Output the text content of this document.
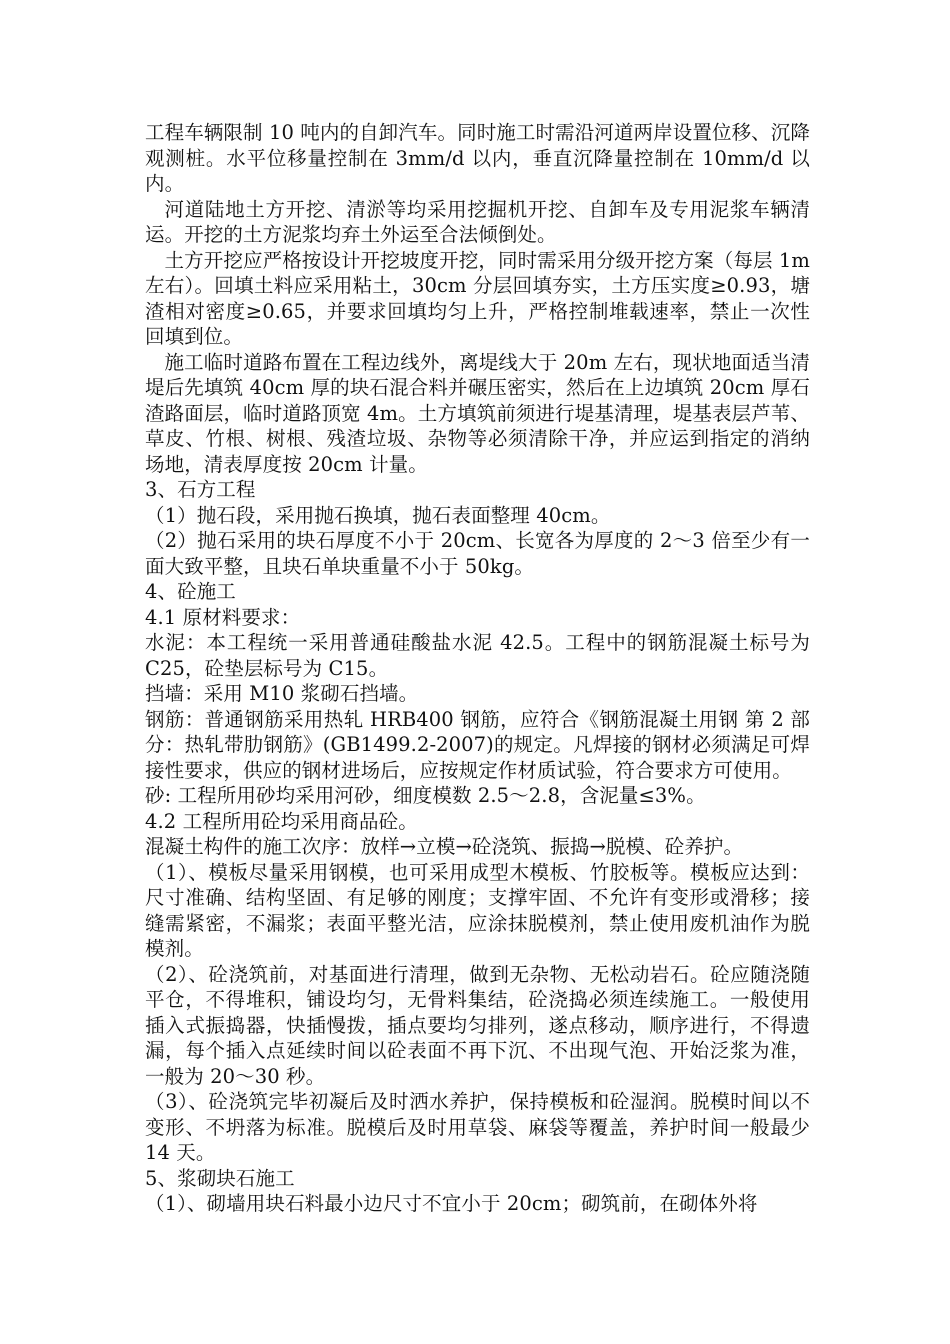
工程车辆限制 10 吨内的自卸汽车。同时施工时需沿河道两岸设置位移、沉降观测桩。水平位移量控制在 3mm/d 以内，垂直沉降量控制在 10mm/d 以内。

河道陆地土方开挖、清淤等均采用挖掘机开挖、自卸车及专用泥浆车辆清运。开挖的土方泥浆均弃土外运至合法倾倒处。

土方开挖应严格按设计开挖坡度开挖，同时需采用分级开挖方案（每层 1m 左右）。回填土料应采用粘土，30cm 分层回填夯实，土方压实度≥0.93，塘渣相对密度≥0.65，并要求回填均匀上升，严格控制堆载速率，禁止一次性回填到位。

施工临时道路布置在工程边线外，离堤线大于 20m 左右，现状地面适当清堤后先填筑 40cm 厚的块石混合料并碾压密实，然后在上边填筑 20cm 厚石渣路面层，临时道路顶宽 4m。土方填筑前须进行堤基清理，堤基表层芦苇、草皮、竹根、树根、残渣垃圾、杂物等必须清除干净，并应运到指定的消纳场地，清表厚度按 20cm 计量。

3、石方工程

（1）抛石段，采用抛石换填，抛石表面整理 40cm。

（2）抛石采用的块石厚度不小于 20cm、长宽各为厚度的 2～3 倍至少有一面大致平整，且块石单块重量不小于 50kg。

4、砼施工

4.1 原材料要求：

水泥：本工程统一采用普通硅酸盐水泥 42.5。工程中的钢筋混凝土标号为 C25，砼垫层标号为 C15。

挡墙：采用 M10 浆砌石挡墙。

钢筋：普通钢筋采用热轧 HRB400 钢筋，应符合《钢筋混凝土用钢 第 2 部分：热轧带肋钢筋》(GB1499.2-2007)的规定。凡焊接的钢材必须满足可焊接性要求，供应的钢材进场后，应按规定作材质试验，符合要求方可使用。

砂: 工程所用砂均采用河砂，细度模数 2.5～2.8，含泥量≤3%。

4.2 工程所用砼均采用商品砼。

混凝土构件的施工次序：放样→立模→砼浇筑、振捣→脱模、砼养护。

（1）、模板尽量采用钢模，也可采用成型木模板、竹胶板等。模板应达到：尺寸准确、结构坚固、有足够的刚度；支撑牢固、不允许有变形或滑移；接缝需紧密，不漏浆；表面平整光洁，应涂抹脱模剂，禁止使用废机油作为脱模剂。

（2）、砼浇筑前，对基面进行清理，做到无杂物、无松动岩石。砼应随浇随平仓，不得堆积，铺设均匀，无骨料集结，砼浇捣必须连续施工。一般使用插入式振捣器，快插慢拨，插点要均匀排列，遂点移动，顺序进行，不得遗漏，每个插入点延续时间以砼表面不再下沉、不出现气泡、开始泛浆为准，一般为 20～30 秒。

（3）、砼浇筑完毕初凝后及时洒水养护，保持模板和砼湿润。脱模时间以不变形、不坍落为标准。脱模后及时用草袋、麻袋等覆盖，养护时间一般最少 14 天。

5、浆砌块石施工

（1）、砌墙用块石料最小边尺寸不宜小于 20cm；砌筑前，在砌体外将
